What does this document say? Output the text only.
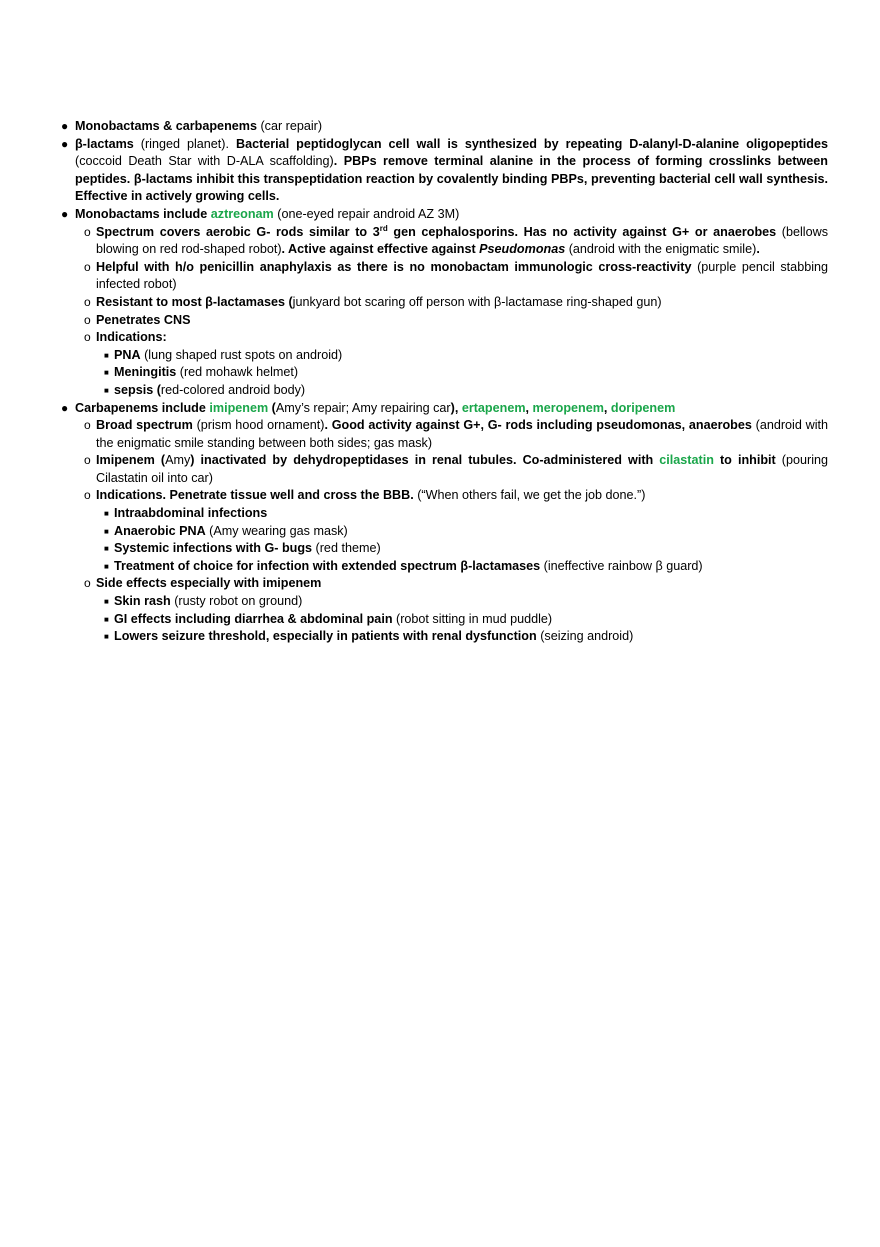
● Monobactams & carbapenems (car repair)
● β-lactams (ringed planet). Bacterial peptidoglycan cell wall is synthesized by repeating D-alanyl-D-alanine oligopeptides (coccoid Death Star with D-ALA scaffolding). PBPs remove terminal alanine in the process of forming crosslinks between peptides. β-lactams inhibit this transpeptidation reaction by covalently binding PBPs, preventing bacterial cell wall synthesis. Effective in actively growing cells.
● Monobactams include aztreonam (one-eyed repair android AZ 3M)
o Spectrum covers aerobic G- rods similar to 3rd gen cephalosporins. Has no activity against G+ or anaerobes (bellows blowing on red rod-shaped robot). Active against effective against Pseudomonas (android with the enigmatic smile).
o Helpful with h/o penicillin anaphylaxis as there is no monobactam immunologic cross-reactivity (purple pencil stabbing infected robot)
o Resistant to most β-lactamases (junkyard bot scaring off person with β-lactamase ring-shaped gun)
o Penetrates CNS
o Indications:
■ PNA (lung shaped rust spots on android)
■ Meningitis (red mohawk helmet)
■ sepsis (red-colored android body)
● Carbapenems include imipenem (Amy’s repair; Amy repairing car), ertapenem, meropenem, doripenem
o Broad spectrum (prism hood ornament). Good activity against G+, G- rods including pseudomonas, anaerobes (android with the enigmatic smile standing between both sides; gas mask)
o Imipenem (Amy) inactivated by dehydropeptidases in renal tubules. Co-administered with cilastatin to inhibit (pouring Cilastatin oil into car)
o Indications. Penetrate tissue well and cross the BBB. (“When others fail, we get the job done.”)
■ Intraabdominal infections
■ Anaerobic PNA (Amy wearing gas mask)
■ Systemic infections with G- bugs (red theme)
■ Treatment of choice for infection with extended spectrum β-lactamases (ineffective rainbow β guard)
o Side effects especially with imipenem
■ Skin rash (rusty robot on ground)
■ GI effects including diarrhea & abdominal pain (robot sitting in mud puddle)
■ Lowers seizure threshold, especially in patients with renal dysfunction (seizing android)
